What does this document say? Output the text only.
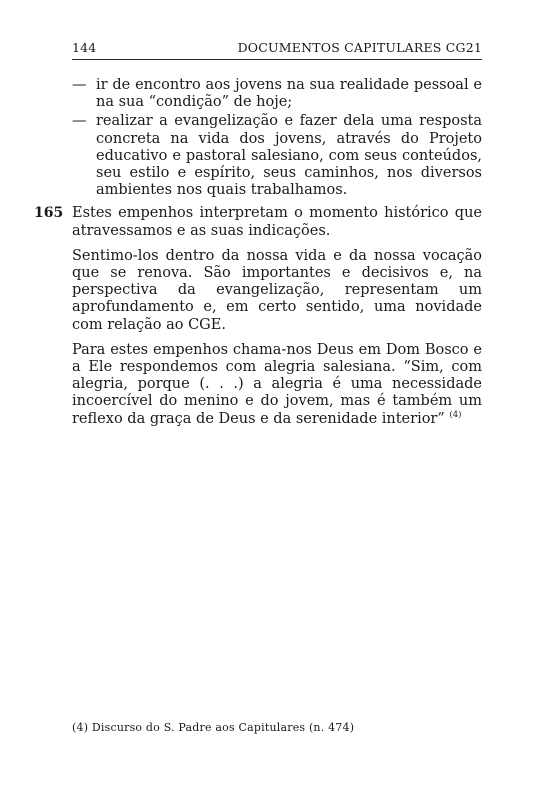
144	DOCUMENTOS CAPITULARES CG21
— ir de encontro aos jovens na sua realidade pessoal e na sua “condição” de hoje;
— realizar a evangelização e fazer dela uma resposta concreta na vida dos jovens, através do Projeto educativo e pastoral salesiano, com seus conteúdos, seu estilo e espírito, seus caminhos, nos diversos ambientes nos quais trabalhamos.
165 Estes empenhos interpretam o momento histórico que atravessamos e as suas indicações.

Sentimo-los dentro da nossa vida e da nossa vocação que se renova. São importantes e decisivos e, na perspectiva da evangelização, representam um aprofundamento e, em certo sentido, uma novidade com relação ao CGE.

Para estes empenhos chama-nos Deus em Dom Bosco e a Ele respondemos com alegria salesiana. “Sim, com alegria, porque (. . .) a alegria é uma necessidade incoercível do menino e do jovem, mas é também um reflexo da graça de Deus e da serenidade interior” $^{(4)}$

(4) Discurso do S. Padre aos Capitulares (n. 474)
